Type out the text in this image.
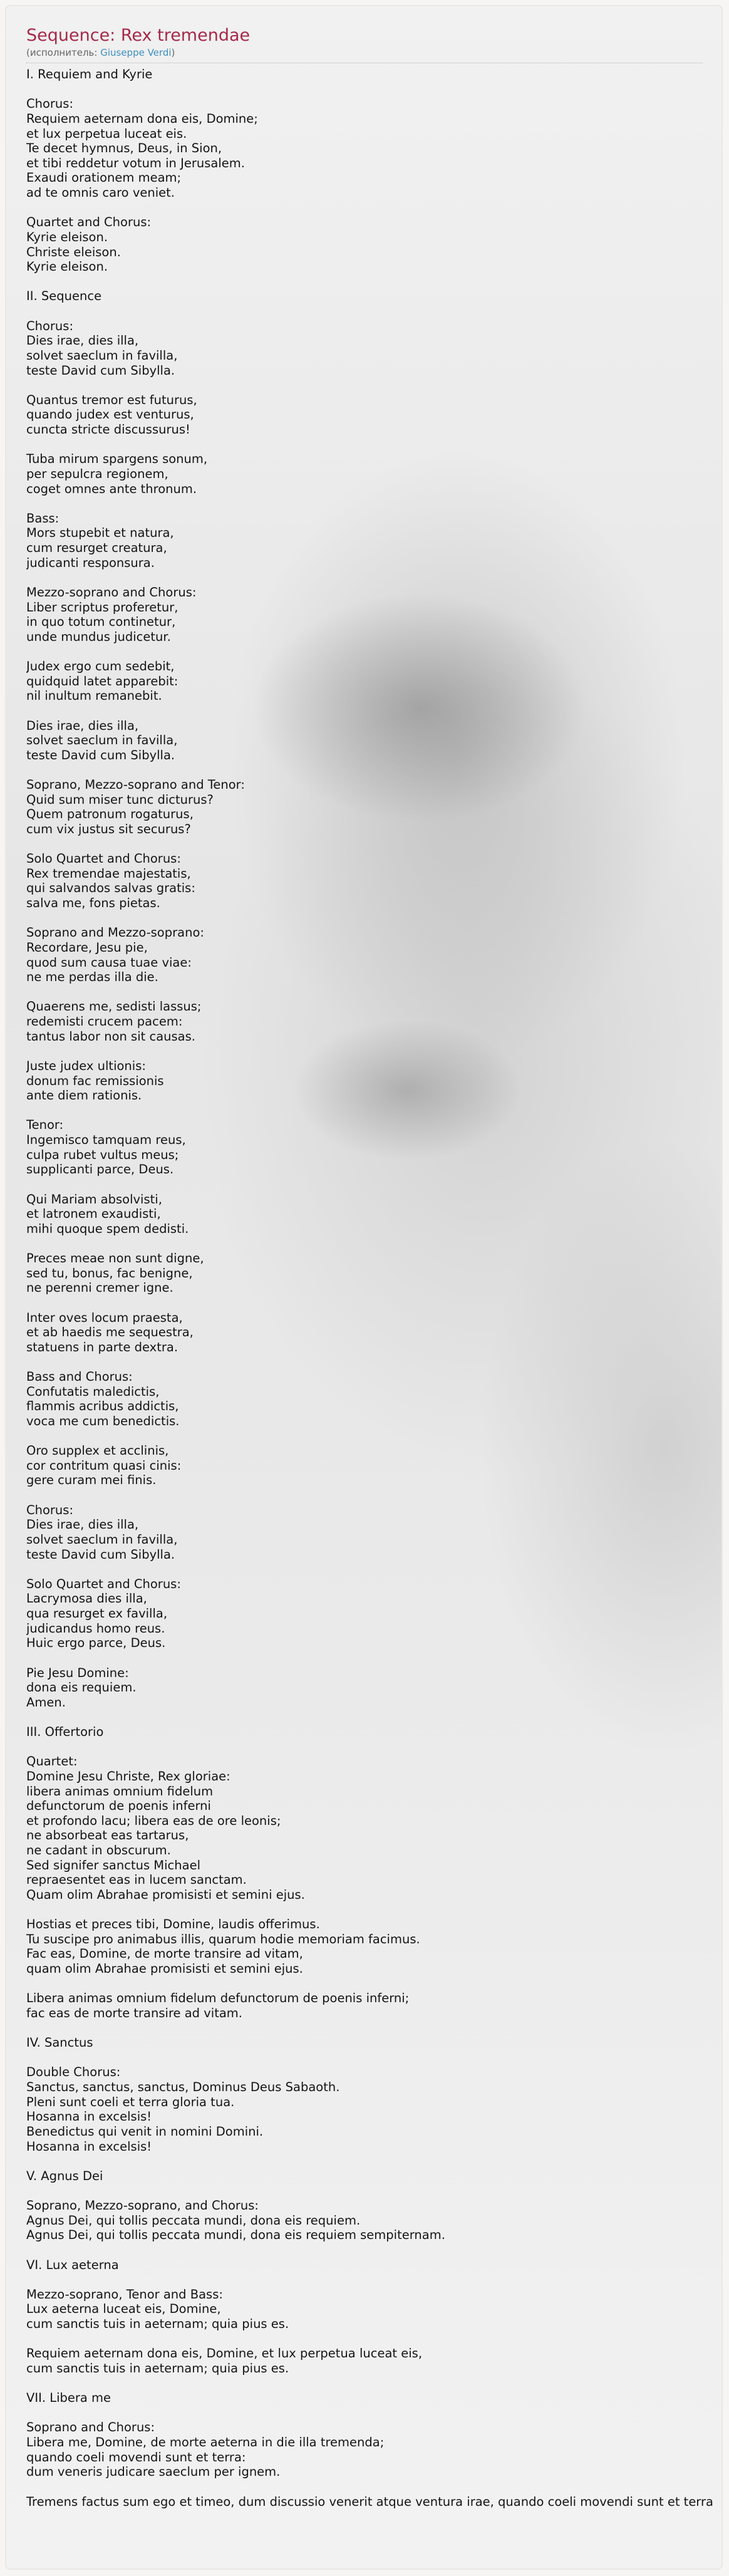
Sequence: Rex tremendae
(исполнитель: Giuseppe Verdi)
I. Requiem and Kyrie

Chorus:
Requiem aeternam dona eis, Domine;
et lux perpetua luceat eis.
Te decet hymnus, Deus, in Sion,
et tibi reddetur votum in Jerusalem.
Exaudi orationem meam;
ad te omnis caro veniet.

Quartet and Chorus:
Kyrie eleison.
Christe eleison.
Kyrie eleison.

II. Sequence

Chorus:
Dies irae, dies illa,
solvet saeclum in favilla,
teste David cum Sibylla.

Quantus tremor est futurus,
quando judex est venturus,
cuncta stricte discussurus!

Tuba mirum spargens sonum,
per sepulcra regionem,
coget omnes ante thronum.

Bass:
Mors stupebit et natura,
cum resurget creatura,
judicanti responsura.

Mezzo-soprano and Chorus:
Liber scriptus proferetur,
in quo totum continetur,
unde mundus judicetur.

Judex ergo cum sedebit,
quidquid latet apparebit:
nil inultum remanebit.

Dies irae, dies illa,
solvet saeclum in favilla,
teste David cum Sibylla.

Soprano, Mezzo-soprano and Tenor:
Quid sum miser tunc dicturus?
Quem patronum rogaturus,
cum vix justus sit securus?

Solo Quartet and Chorus:
Rex tremendae majestatis,
qui salvandos salvas gratis:
salva me, fons pietas.

Soprano and Mezzo-soprano:
Recordare, Jesu pie,
quod sum causa tuae viae:
ne me perdas illa die.

Quaerens me, sedisti lassus;
redemisti crucem pacem:
tantus labor non sit causas.

Juste judex ultionis:
donum fac remissionis
ante diem rationis.

Tenor:
Ingemisco tamquam reus,
culpa rubet vultus meus;
supplicanti parce, Deus.

Qui Mariam absolvisti,
et latronem exaudisti,
mihi quoque spem dedisti.

Preces meae non sunt digne,
sed tu, bonus, fac benigne,
ne perenni cremer igne.

Inter oves locum praesta,
et ab haedis me sequestra,
statuens in parte dextra.

Bass and Chorus:
Confutatis maledictis,
flammis acribus addictis,
voca me cum benedictis.

Oro supplex et acclinis,
cor contritum quasi cinis:
gere curam mei finis.

Chorus:
Dies irae, dies illa,
solvet saeclum in favilla,
teste David cum Sibylla.

Solo Quartet and Chorus:
Lacrymosa dies illa,
qua resurget ex favilla,
judicandus homo reus.
Huic ergo parce, Deus.

Pie Jesu Domine:
dona eis requiem.
Amen.

III. Offertorio

Quartet:
Domine Jesu Christe, Rex gloriae:
libera animas omnium fidelum
defunctorum de poenis inferni
et profondo lacu; libera eas de ore leonis;
ne absorbeat eas tartarus,
ne cadant in obscurum.
Sed signifer sanctus Michael
repraesentet eas in lucem sanctam.
Quam olim Abrahae promisisti et semini ejus.

Hostias et preces tibi, Domine, laudis offerimus.
Tu suscipe pro animabus illis, quarum hodie memoriam facimus.
Fac eas, Domine, de morte transire ad vitam,
quam olim Abrahae promisisti et semini ejus.

Libera animas omnium fidelum defunctorum de poenis inferni;
fac eas de morte transire ad vitam.

IV. Sanctus

Double Chorus:
Sanctus, sanctus, sanctus, Dominus Deus Sabaoth.
Pleni sunt coeli et terra gloria tua.
Hosanna in excelsis!
Benedictus qui venit in nomini Domini.
Hosanna in excelsis!

V. Agnus Dei

Soprano, Mezzo-soprano, and Chorus:
Agnus Dei, qui tollis peccata mundi, dona eis requiem.
Agnus Dei, qui tollis peccata mundi, dona eis requiem sempiternam.

VI. Lux aeterna

Mezzo-soprano, Tenor and Bass:
Lux aeterna luceat eis, Domine,
cum sanctis tuis in aeternam; quia pius es.

Requiem aeternam dona eis, Domine, et lux perpetua luceat eis,
cum sanctis tuis in aeternam; quia pius es.

VII. Libera me

Soprano and Chorus:
Libera me, Domine, de morte aeterna in die illa tremenda;
quando coeli movendi sunt et terra:
dum veneris judicare saeclum per ignem.

Tremens factus sum ego et timeo, dum discussio venerit atque ventura irae, quando coeli movendi sunt et terra
